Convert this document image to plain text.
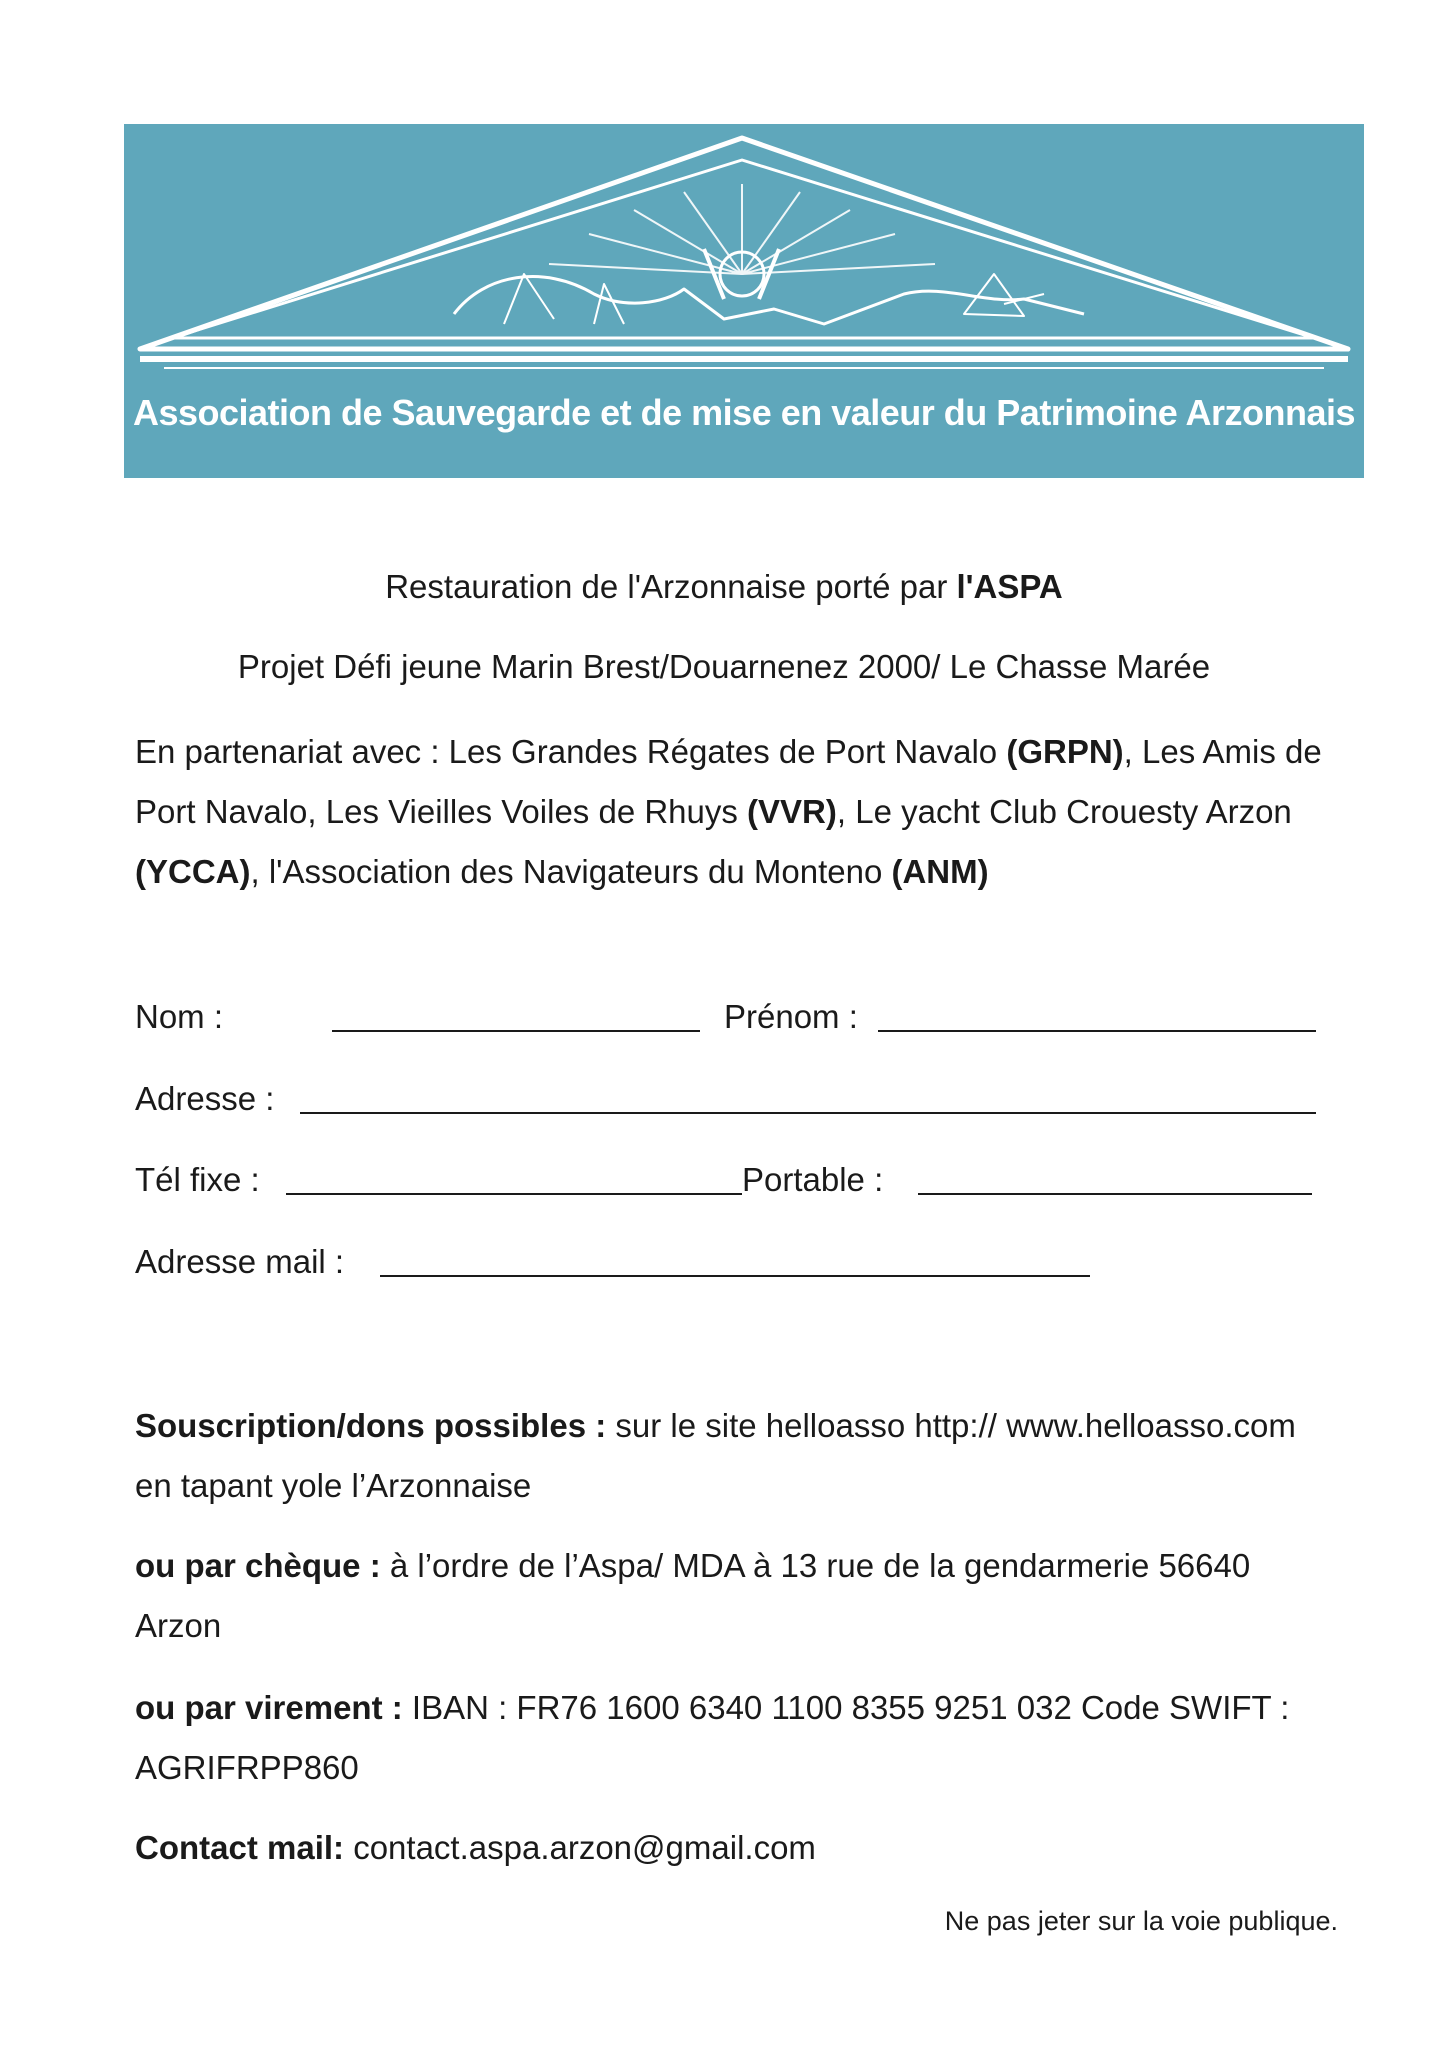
Association de Sauvegarde et de mise en valeur du Patrimoine Arzonnais
Restauration de l'Arzonnaise porté par l'ASPA
Projet Défi jeune Marin Brest/Douarnenez 2000/ Le Chasse Marée
En partenariat avec : Les Grandes Régates de Port Navalo (GRPN), Les Amis de Port Navalo, Les Vieilles Voiles de Rhuys (VVR), Le yacht Club Crouesty Arzon (YCCA), l'Association des Navigateurs du Monteno (ANM)
Nom :	Prénom :
Adresse :
Tél fixe :	Portable :
Adresse mail :
Souscription/dons possibles : sur le site helloasso http:// www.helloasso.com en tapant yole l’Arzonnaise
ou par chèque : à l’ordre de l’Aspa/ MDA à 13 rue de la gendarmerie 56640 Arzon
ou par virement : IBAN : FR76 1600 6340 1100 8355 9251 032 Code SWIFT : AGRIFRPP860
Contact mail: contact.aspa.arzon@gmail.com
Ne pas jeter sur la voie publique.
